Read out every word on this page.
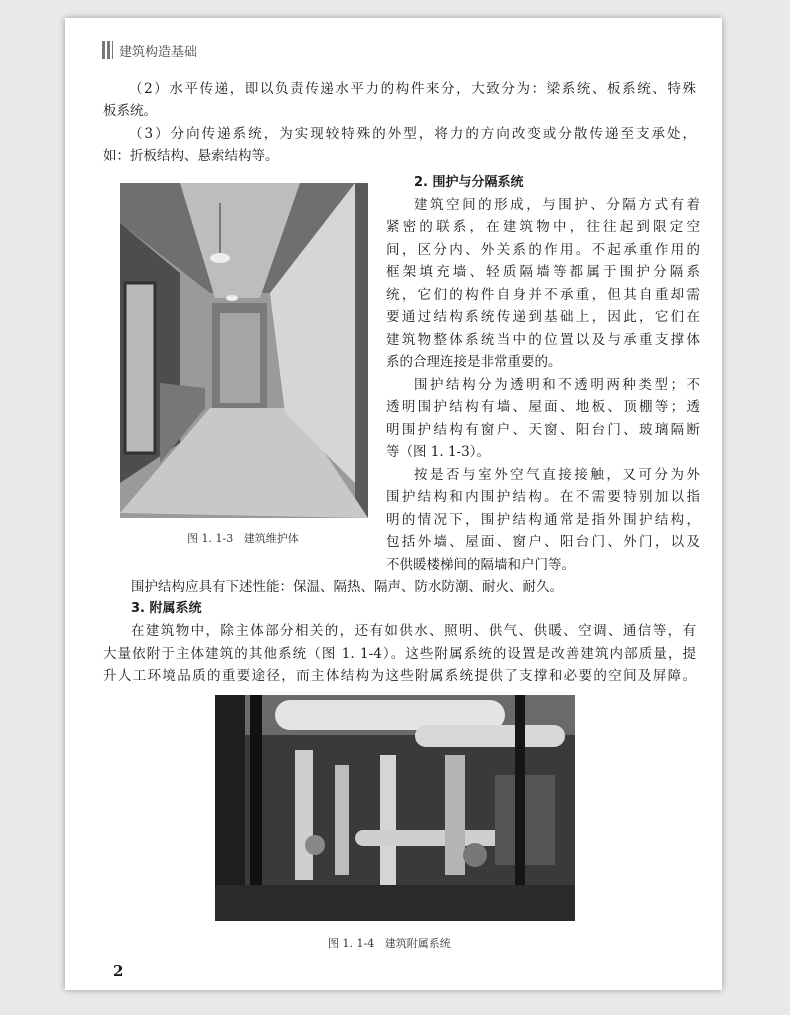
建筑构造基础
（2）水平传递，即以负责传递水平力的构件来分，大致分为：梁系统、板系统、特殊
板系统。
（3）分向传递系统，为实现较特殊的外型，将力的方向改变或分散传递至支承处，
如：折板结构、悬索结构等。
图 1. 1-3   建筑维护体
2. 围护与分隔系统
建筑空间的形成，与围护、分隔方式有着
紧密的联系，在建筑物中，往往起到限定空
间，区分内、外关系的作用。不起承重作用的
框架填充墙、轻质隔墙等都属于围护分隔系
统，它们的构件自身并不承重，但其自重却需
要通过结构系统传递到基础上，因此，它们在
建筑物整体系统当中的位置以及与承重支撑体
系的合理连接是非常重要的。
围护结构分为透明和不透明两种类型；不
透明围护结构有墙、屋面、地板、顶棚等；透
明围护结构有窗户、天窗、阳台门、玻璃隔断
等（图 1. 1-3）。
按是否与室外空气直接接触，又可分为外
围护结构和内围护结构。在不需要特别加以指
明的情况下，围护结构通常是指外围护结构，
包括外墙、屋面、窗户、阳台门、外门，以及
不供暖楼梯间的隔墙和户门等。
围护结构应具有下述性能：保温、隔热、隔声、防水防潮、耐火、耐久。
3. 附属系统
在建筑物中，除主体部分相关的，还有如供水、照明、供气、供暖、空调、通信等，有
大量依附于主体建筑的其他系统（图 1. 1-4）。这些附属系统的设置是改善建筑内部质量，提
升人工环境品质的重要途径，而主体结构为这些附属系统提供了支撑和必要的空间及屏障。
图 1. 1-4   建筑附属系统
2
